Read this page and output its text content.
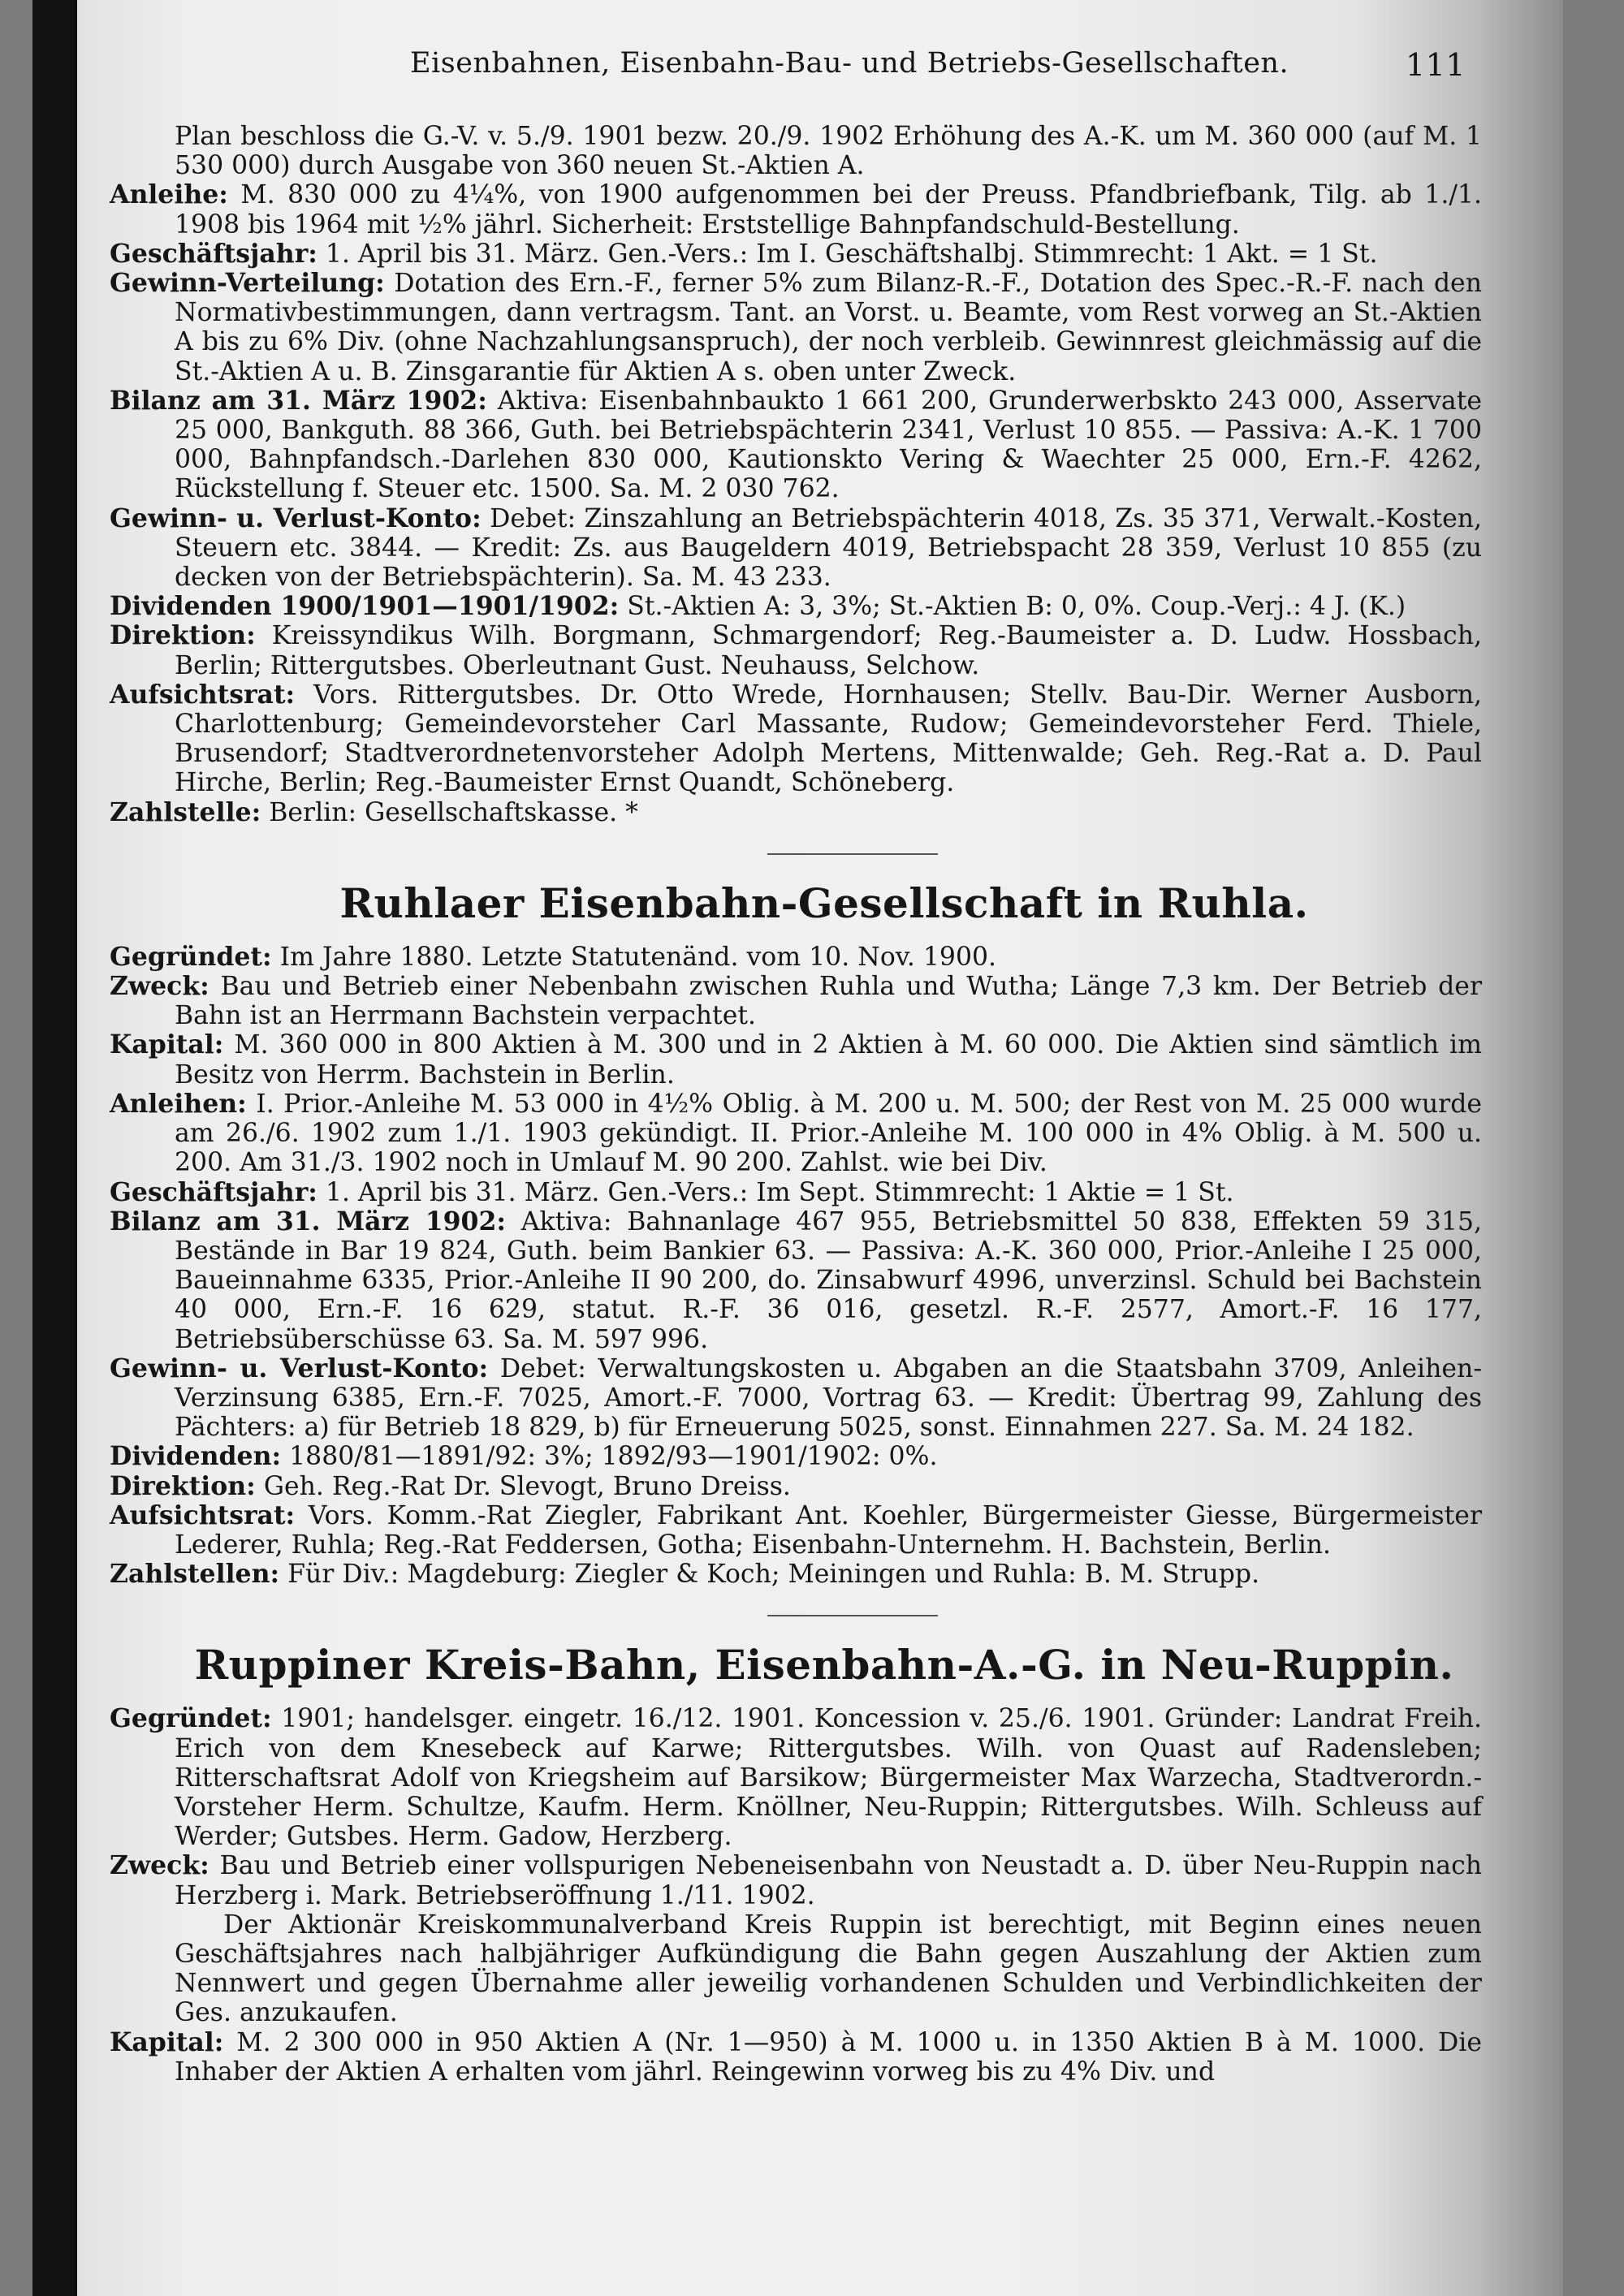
Eisenbahnen, Eisenbahn-Bau- und Betriebs-Gesellschaften.	111

Plan beschloss die G.-V. v. 5./9. 1901 bezw. 20./9. 1902 Erhöhung des A.-K. um M. 360 000 (auf M. 1 530 000) durch Ausgabe von 360 neuen St.-Aktien A.

Anleihe: M. 830 000 zu 4¼%, von 1900 aufgenommen bei der Preuss. Pfandbriefbank, Tilg. ab 1./1. 1908 bis 1964 mit ½% jährl. Sicherheit: Erststellige Bahnpfandschuld-Bestellung.

Geschäftsjahr: 1. April bis 31. März. Gen.-Vers.: Im I. Geschäftshalbj. Stimmrecht: 1 Akt. = 1 St.

Gewinn-Verteilung: Dotation des Ern.-F., ferner 5% zum Bilanz-R.-F., Dotation des Spec.-R.-F. nach den Normativbestimmungen, dann vertragsm. Tant. an Vorst. u. Beamte, vom Rest vorweg an St.-Aktien A bis zu 6% Div. (ohne Nachzahlungsanspruch), der noch verbleib. Gewinnrest gleichmässig auf die St.-Aktien A u. B. Zinsgarantie für Aktien A s. oben unter Zweck.

Bilanz am 31. März 1902: Aktiva: Eisenbahnbaukto 1 661 200, Grunderwerbskto 243 000, Asservate 25 000, Bankguth. 88 366, Guth. bei Betriebspächterin 2341, Verlust 10 855. — Passiva: A.-K. 1 700 000, Bahnpfandsch.-Darlehen 830 000, Kautionskto Vering & Waechter 25 000, Ern.-F. 4262, Rückstellung f. Steuer etc. 1500. Sa. M. 2 030 762.

Gewinn- u. Verlust-Konto: Debet: Zinszahlung an Betriebspächterin 4018, Zs. 35 371, Verwalt.-Kosten, Steuern etc. 3844. — Kredit: Zs. aus Baugeldern 4019, Betriebspacht 28 359, Verlust 10 855 (zu decken von der Betriebspächterin). Sa. M. 43 233.

Dividenden 1900/1901—1901/1902: St.-Aktien A: 3, 3%; St.-Aktien B: 0, 0%. Coup.-Verj.: 4 J. (K.)

Direktion: Kreissyndikus Wilh. Borgmann, Schmargendorf; Reg.-Baumeister a. D. Ludw. Hossbach, Berlin; Rittergutsbes. Oberleutnant Gust. Neuhauss, Selchow.

Aufsichtsrat: Vors. Rittergutsbes. Dr. Otto Wrede, Hornhausen; Stellv. Bau-Dir. Werner Ausborn, Charlottenburg; Gemeindevorsteher Carl Massante, Rudow; Gemeindevorsteher Ferd. Thiele, Brusendorf; Stadtverordnetenvorsteher Adolph Mertens, Mittenwalde; Geh. Reg.-Rat a. D. Paul Hirche, Berlin; Reg.-Baumeister Ernst Quandt, Schöneberg.

Zahlstelle: Berlin: Gesellschaftskasse. *

Ruhlaer Eisenbahn-Gesellschaft in Ruhla.

Gegründet: Im Jahre 1880. Letzte Statutenänd. vom 10. Nov. 1900.

Zweck: Bau und Betrieb einer Nebenbahn zwischen Ruhla und Wutha; Länge 7,3 km. Der Betrieb der Bahn ist an Herrmann Bachstein verpachtet.

Kapital: M. 360 000 in 800 Aktien à M. 300 und in 2 Aktien à M. 60 000. Die Aktien sind sämtlich im Besitz von Herrm. Bachstein in Berlin.

Anleihen: I. Prior.-Anleihe M. 53 000 in 4½% Oblig. à M. 200 u. M. 500; der Rest von M. 25 000 wurde am 26./6. 1902 zum 1./1. 1903 gekündigt. II. Prior.-Anleihe M. 100 000 in 4% Oblig. à M. 500 u. 200. Am 31./3. 1902 noch in Umlauf M. 90 200. Zahlst. wie bei Div.

Geschäftsjahr: 1. April bis 31. März. Gen.-Vers.: Im Sept. Stimmrecht: 1 Aktie = 1 St.

Bilanz am 31. März 1902: Aktiva: Bahnanlage 467 955, Betriebsmittel 50 838, Effekten 59 315, Bestände in Bar 19 824, Guth. beim Bankier 63. — Passiva: A.-K. 360 000, Prior.-Anleihe I 25 000, Baueinnahme 6335, Prior.-Anleihe II 90 200, do. Zinsabwurf 4996, unverzinsl. Schuld bei Bachstein 40 000, Ern.-F. 16 629, statut. R.-F. 36 016, gesetzl. R.-F. 2577, Amort.-F. 16 177, Betriebsüberschüsse 63. Sa. M. 597 996.

Gewinn- u. Verlust-Konto: Debet: Verwaltungskosten u. Abgaben an die Staatsbahn 3709, Anleihen-Verzinsung 6385, Ern.-F. 7025, Amort.-F. 7000, Vortrag 63. — Kredit: Übertrag 99, Zahlung des Pächters: a) für Betrieb 18 829, b) für Erneuerung 5025, sonst. Einnahmen 227. Sa. M. 24 182.

Dividenden: 1880/81—1891/92: 3%; 1892/93—1901/1902: 0%.

Direktion: Geh. Reg.-Rat Dr. Slevogt, Bruno Dreiss.

Aufsichtsrat: Vors. Komm.-Rat Ziegler, Fabrikant Ant. Koehler, Bürgermeister Giesse, Bürgermeister Lederer, Ruhla; Reg.-Rat Feddersen, Gotha; Eisenbahn-Unternehm. H. Bachstein, Berlin.

Zahlstellen: Für Div.: Magdeburg: Ziegler & Koch; Meiningen und Ruhla: B. M. Strupp.

Ruppiner Kreis-Bahn, Eisenbahn-A.-G. in Neu-Ruppin.

Gegründet: 1901; handelsger. eingetr. 16./12. 1901. Koncession v. 25./6. 1901. Gründer: Landrat Freih. Erich von dem Knesebeck auf Karwe; Rittergutsbes. Wilh. von Quast auf Radensleben; Ritterschaftsrat Adolf von Kriegsheim auf Barsikow; Bürgermeister Max Warzecha, Stadtverordn.-Vorsteher Herm. Schultze, Kaufm. Herm. Knöllner, Neu-Ruppin; Rittergutsbes. Wilh. Schleuss auf Werder; Gutsbes. Herm. Gadow, Herzberg.

Zweck: Bau und Betrieb einer vollspurigen Nebeneisenbahn von Neustadt a. D. über Neu-Ruppin nach Herzberg i. Mark. Betriebseröffnung 1./11. 1902.

Der Aktionär Kreiskommunalverband Kreis Ruppin ist berechtigt, mit Beginn eines neuen Geschäftsjahres nach halbjähriger Aufkündigung die Bahn gegen Auszahlung der Aktien zum Nennwert und gegen Übernahme aller jeweilig vorhandenen Schulden und Verbindlichkeiten der Ges. anzukaufen.

Kapital: M. 2 300 000 in 950 Aktien A (Nr. 1—950) à M. 1000 u. in 1350 Aktien B à M. 1000. Die Inhaber der Aktien A erhalten vom jährl. Reingewinn vorweg bis zu 4% Div. und
